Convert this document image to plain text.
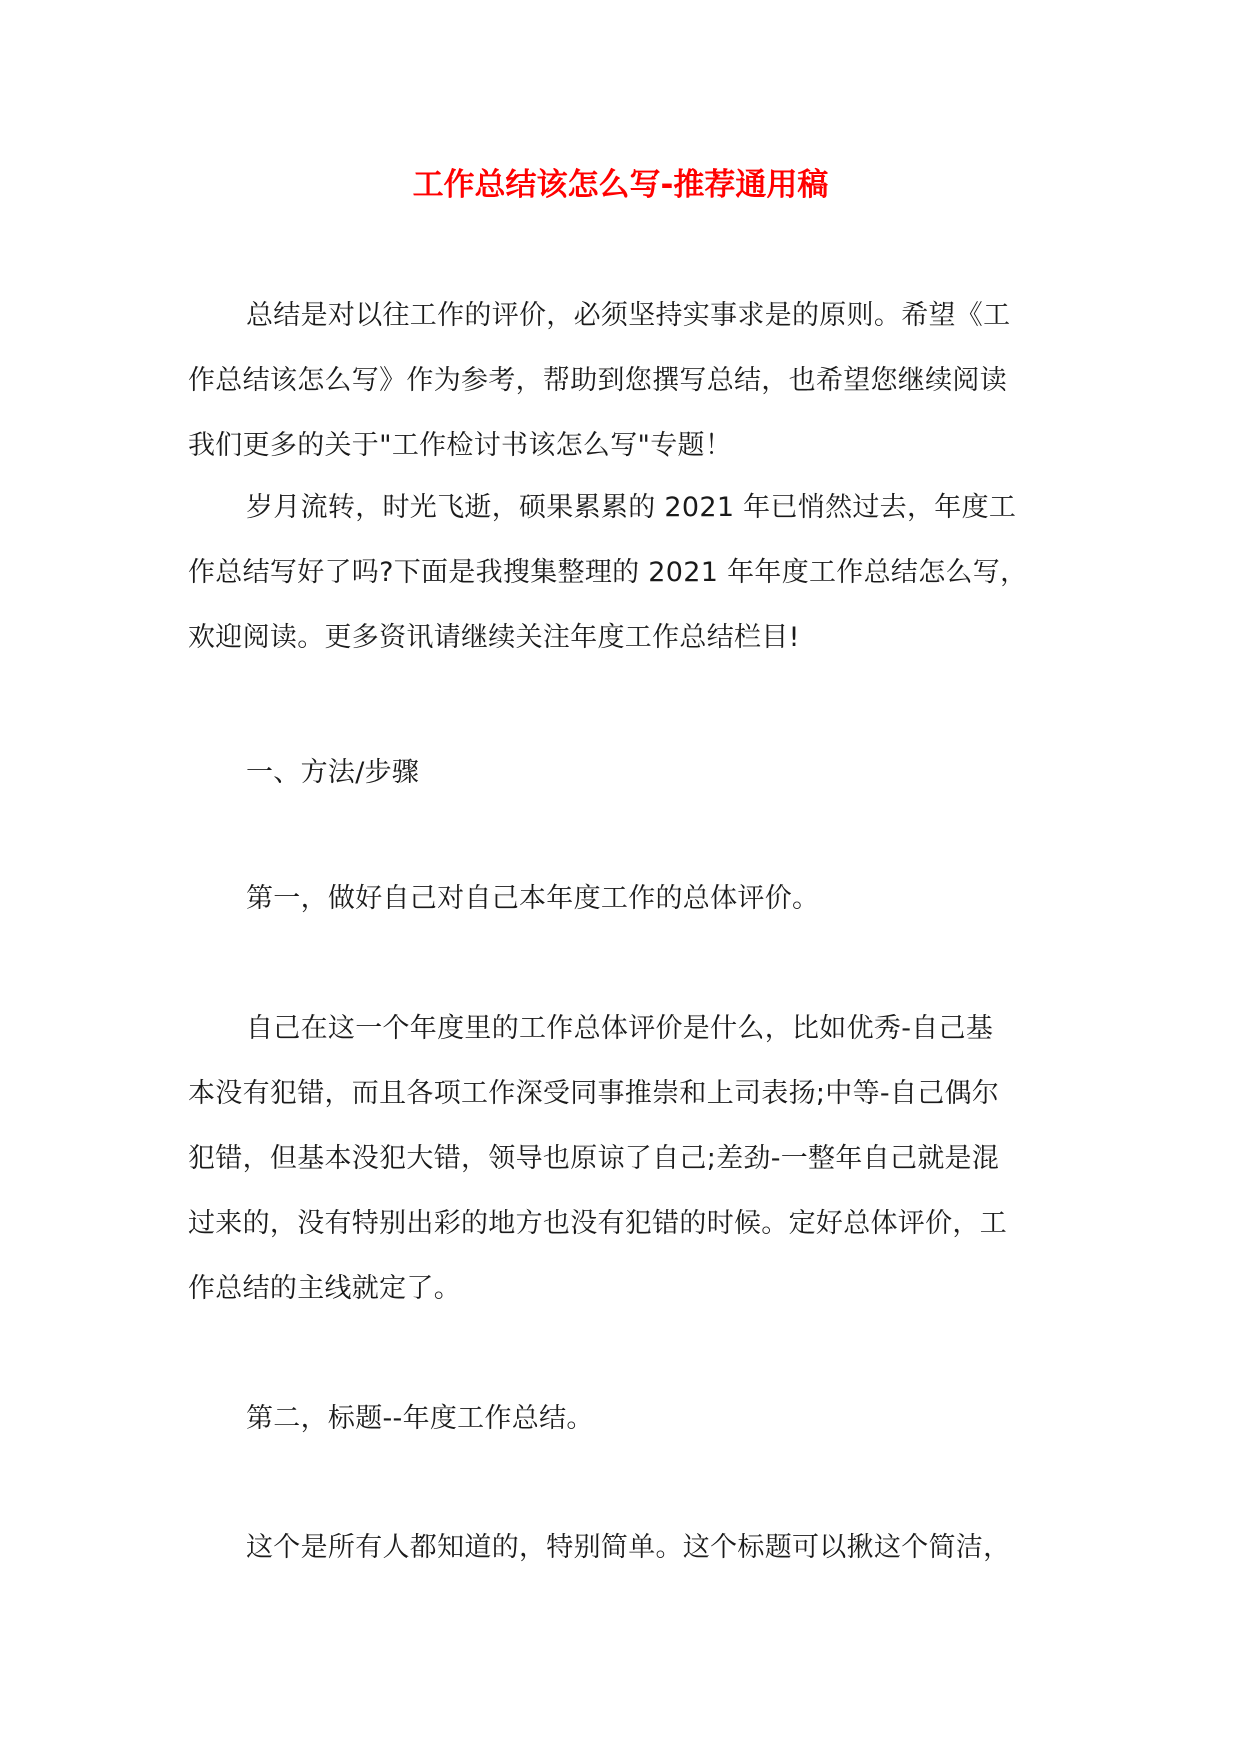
工作总结该怎么写-推荐通用稿

总结是对以往工作的评价，必须坚持实事求是的原则。希望《工
作总结该怎么写》作为参考，帮助到您撰写总结，也希望您继续阅读
我们更多的关于"工作检讨书该怎么写"专题！

岁月流转，时光飞逝，硕果累累的 2021 年已悄然过去，年度工
作总结写好了吗?下面是我搜集整理的 2021 年年度工作总结怎么写，
欢迎阅读。更多资讯请继续关注年度工作总结栏目!

一、方法/步骤

第一，做好自己对自己本年度工作的总体评价。

自己在这一个年度里的工作总体评价是什么，比如优秀-自己基
本没有犯错，而且各项工作深受同事推崇和上司表扬;中等-自己偶尔
犯错，但基本没犯大错，领导也原谅了自己;差劲-一整年自己就是混
过来的，没有特别出彩的地方也没有犯错的时候。定好总体评价，工
作总结的主线就定了。

第二，标题--年度工作总结。

这个是所有人都知道的，特别简单。这个标题可以揪这个简洁，
